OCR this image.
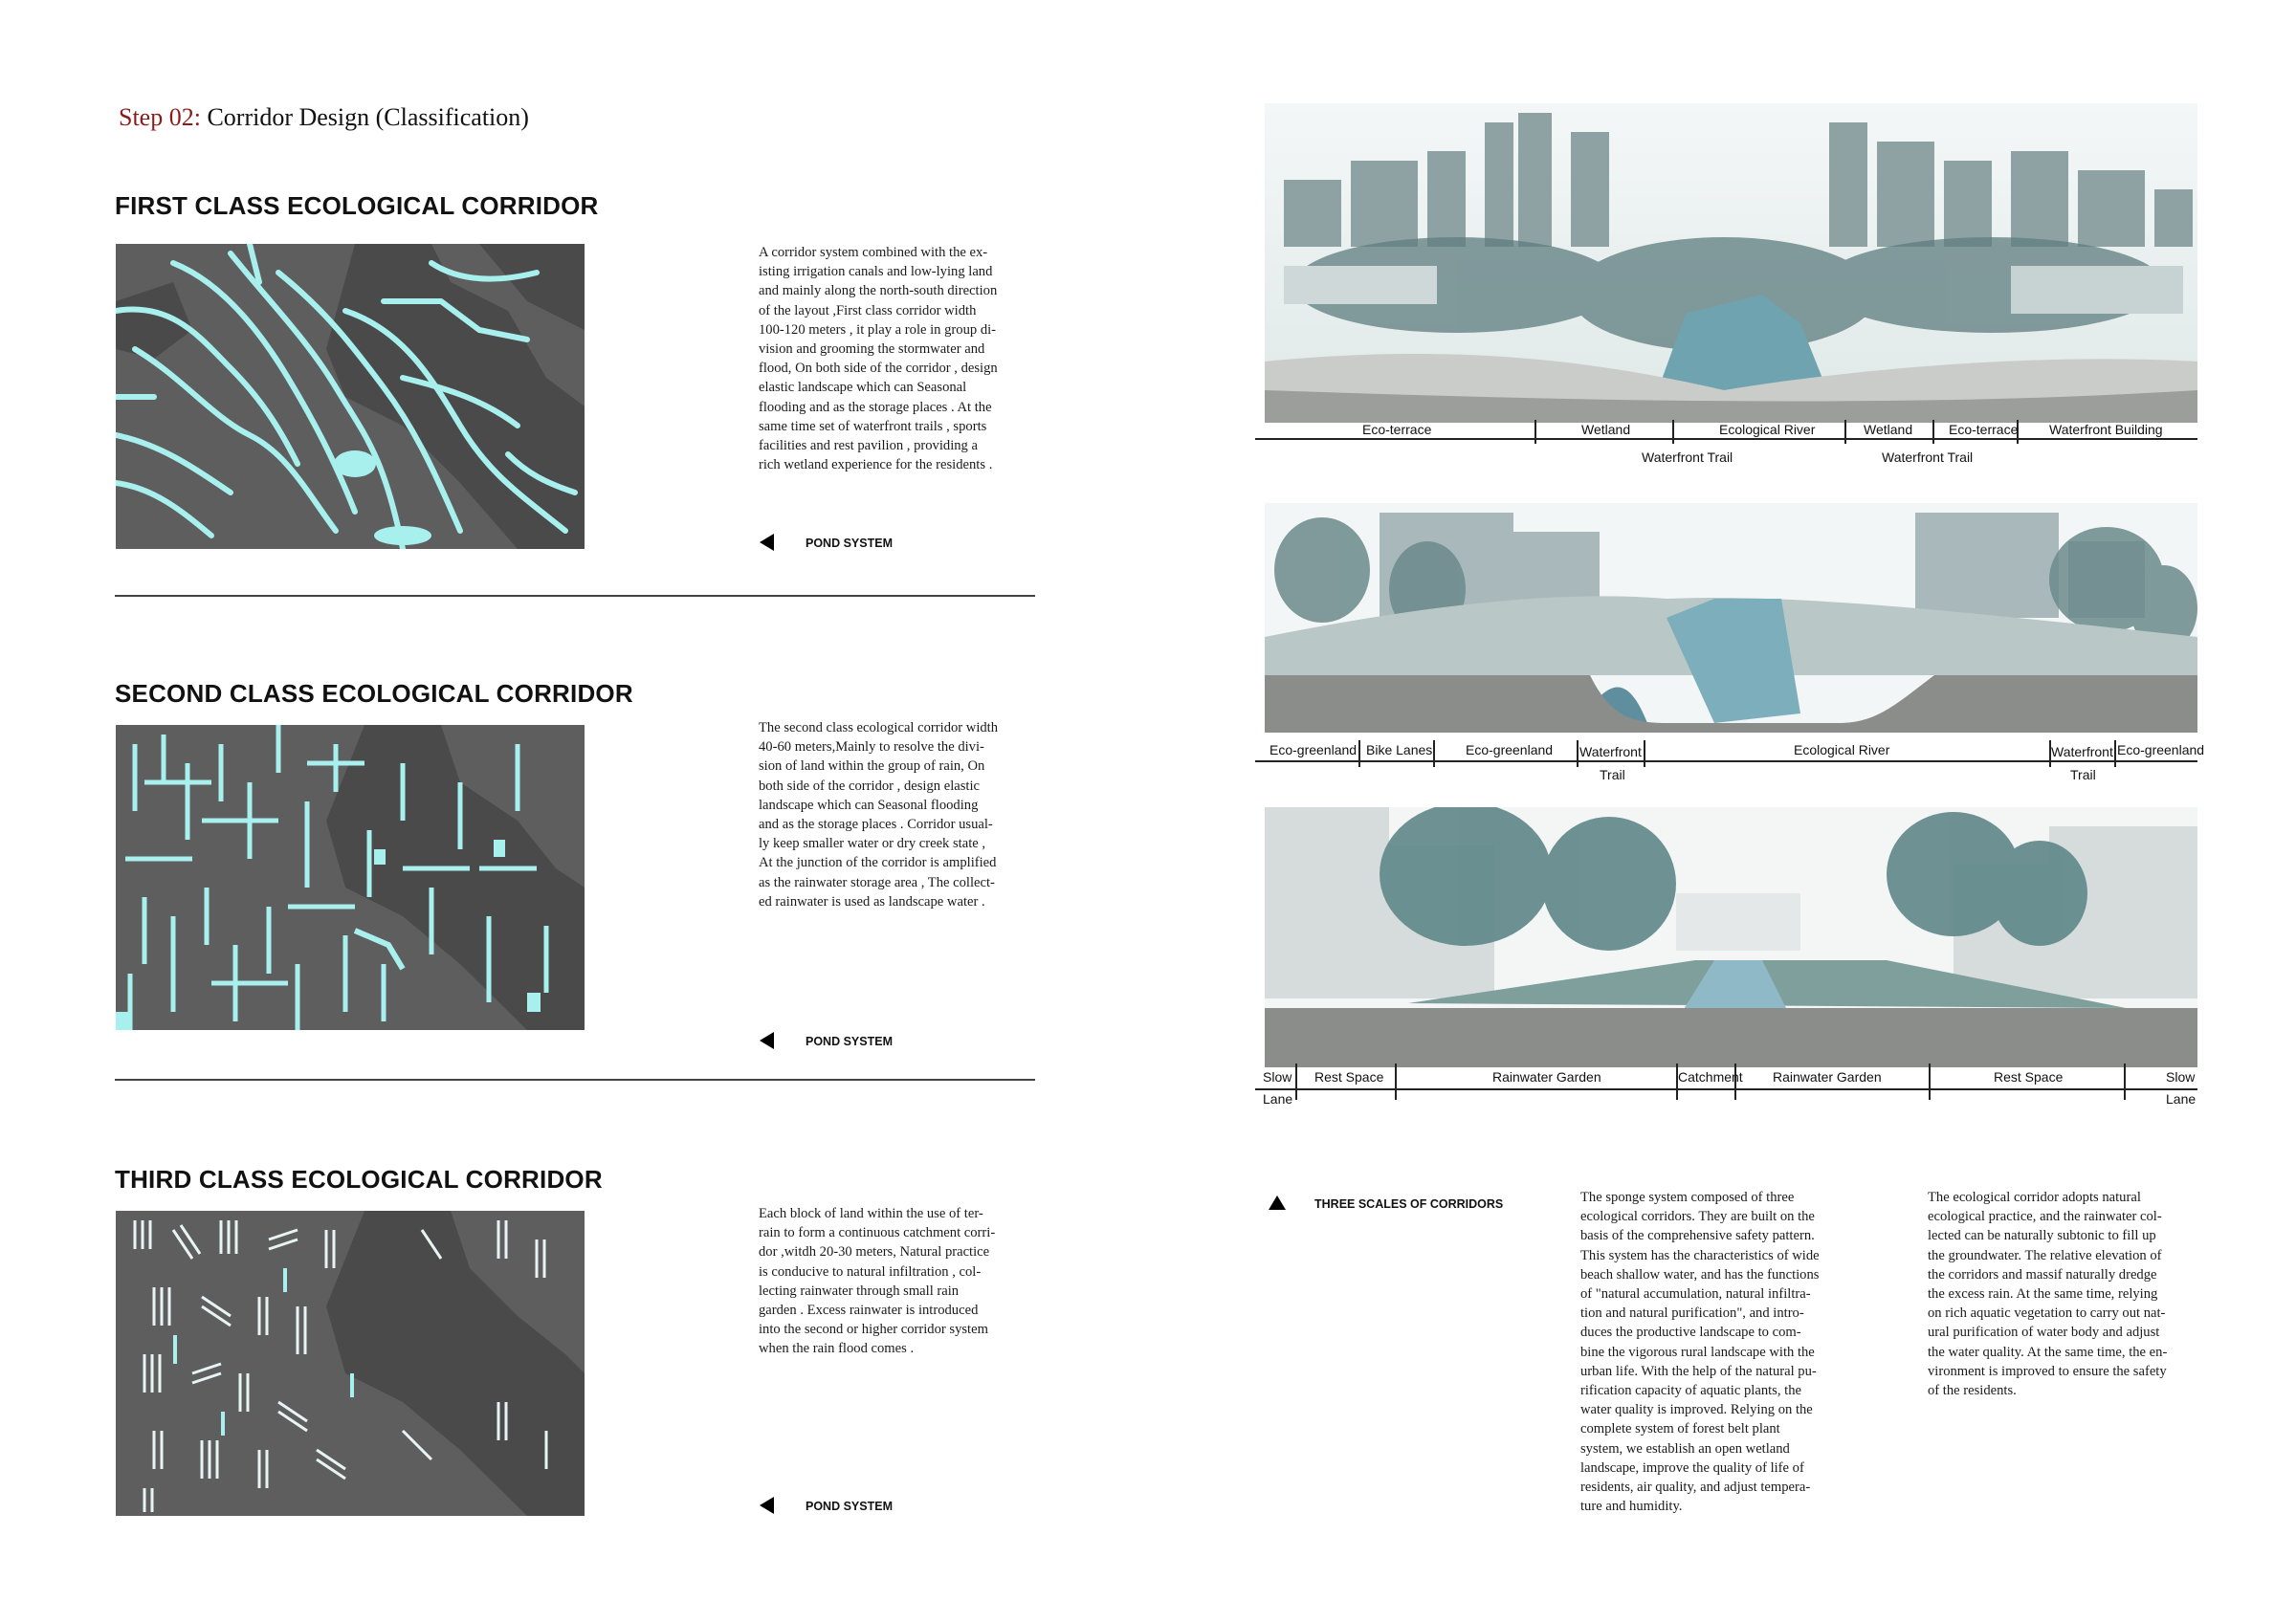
Step 02: Corridor Design (Classification)
FIRST CLASS ECOLOGICAL CORRIDOR
A corridor system combined with the ex-
isting irrigation canals and low-lying land
and mainly along the north-south direction
of the layout ,First class corridor width
100-120 meters , it play a role in group di-
vision and grooming the stormwater and
flood, On both side of the corridor , design
elastic landscape which can Seasonal
flooding and as the storage places . At the
same time set of waterfront trails , sports
facilities and rest pavilion , providing a
rich wetland experience for the residents .
POND SYSTEM
SECOND CLASS ECOLOGICAL CORRIDOR
The second class ecological corridor width
40-60 meters,Mainly to resolve the divi-
sion of land within the group of rain, On
both side of the corridor , design elastic
landscape which can Seasonal flooding
and as the storage places . Corridor usual-
ly keep smaller water or dry creek state ,
At the junction of the corridor is amplified
as the rainwater storage area , The collect-
ed rainwater is used as landscape water .
POND SYSTEM
THIRD CLASS ECOLOGICAL CORRIDOR
Each block of land within the use of ter-
rain to form a continuous catchment corri-
dor ,witdh 20-30 meters, Natural practice
is conducive to natural infiltration , col-
lecting rainwater through small rain
garden . Excess rainwater is introduced
into the second or higher corridor system
when the rain flood comes .
POND SYSTEM
Eco-terrace	Wetland	Ecological River	Wetland	Eco-terrace Waterfront Building
Waterfront Trail	Waterfront Trail
Eco-greenland Bike Lanes Eco-greenland Waterfront	Ecological River	Waterfront Eco-greenland
Trail	Trail
Slow Rest Space	Rainwater Garden	Catchment Rainwater Garden	Rest Space	Slow
Lane	Lane
THREE SCALES OF CORRIDORS	The sponge system composed of three
ecological corridors. They are built on the
basis of the comprehensive safety pattern.
This system has the characteristics of wide
beach shallow water, and has the functions
of "natural accumulation, natural infiltra-
tion and natural purification", and intro-
duces the productive landscape to com-
bine the vigorous rural landscape with the
urban life. With the help of the natural pu-
rification capacity of aquatic plants, the
water quality is improved. Relying on the
complete system of forest belt plant
system, we establish an open wetland
landscape, improve the quality of life of
residents, air quality, and adjust tempera-
ture and humidity.
The ecological corridor adopts natural
ecological practice, and the rainwater col-
lected can be naturally subtonic to fill up
the groundwater. The relative elevation of
the corridors and massif naturally dredge
the excess rain. At the same time, relying
on rich aquatic vegetation to carry out nat-
ural purification of water body and adjust
the water quality. At the same time, the en-
vironment is improved to ensure the safety
of the residents.
